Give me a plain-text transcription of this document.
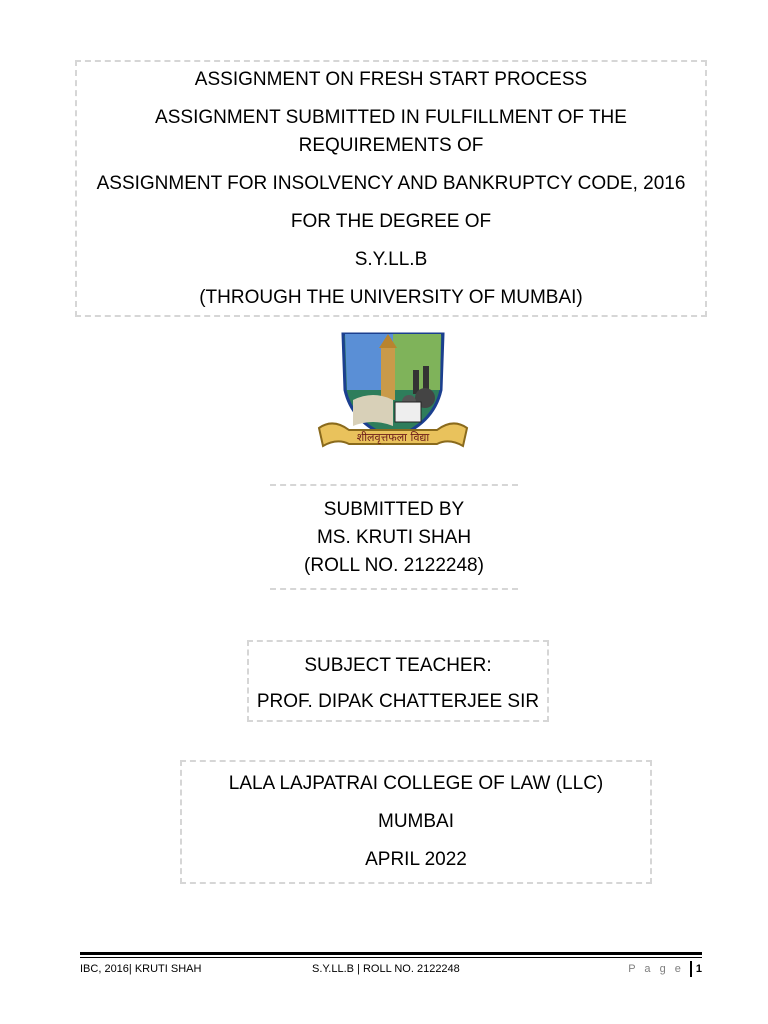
ASSIGNMENT ON FRESH START PROCESS
ASSIGNMENT SUBMITTED IN FULFILLMENT OF THE
REQUIREMENTS OF
ASSIGNMENT FOR INSOLVENCY AND BANKRUPTCY CODE, 2016
FOR THE DEGREE OF
S.Y.LL.B
(THROUGH THE UNIVERSITY OF MUMBAI)
शीलवृत्तफला विद्या
SUBMITTED BY
MS. KRUTI SHAH
(ROLL NO. 2122248)
SUBJECT TEACHER:
PROF. DIPAK CHATTERJEE SIR
LALA LAJPATRAI COLLEGE OF LAW (LLC)
MUMBAI
APRIL 2022
IBC, 2016| KRUTI SHAH	S.Y.LL.B | ROLL NO. 2122248	P a g e 1
